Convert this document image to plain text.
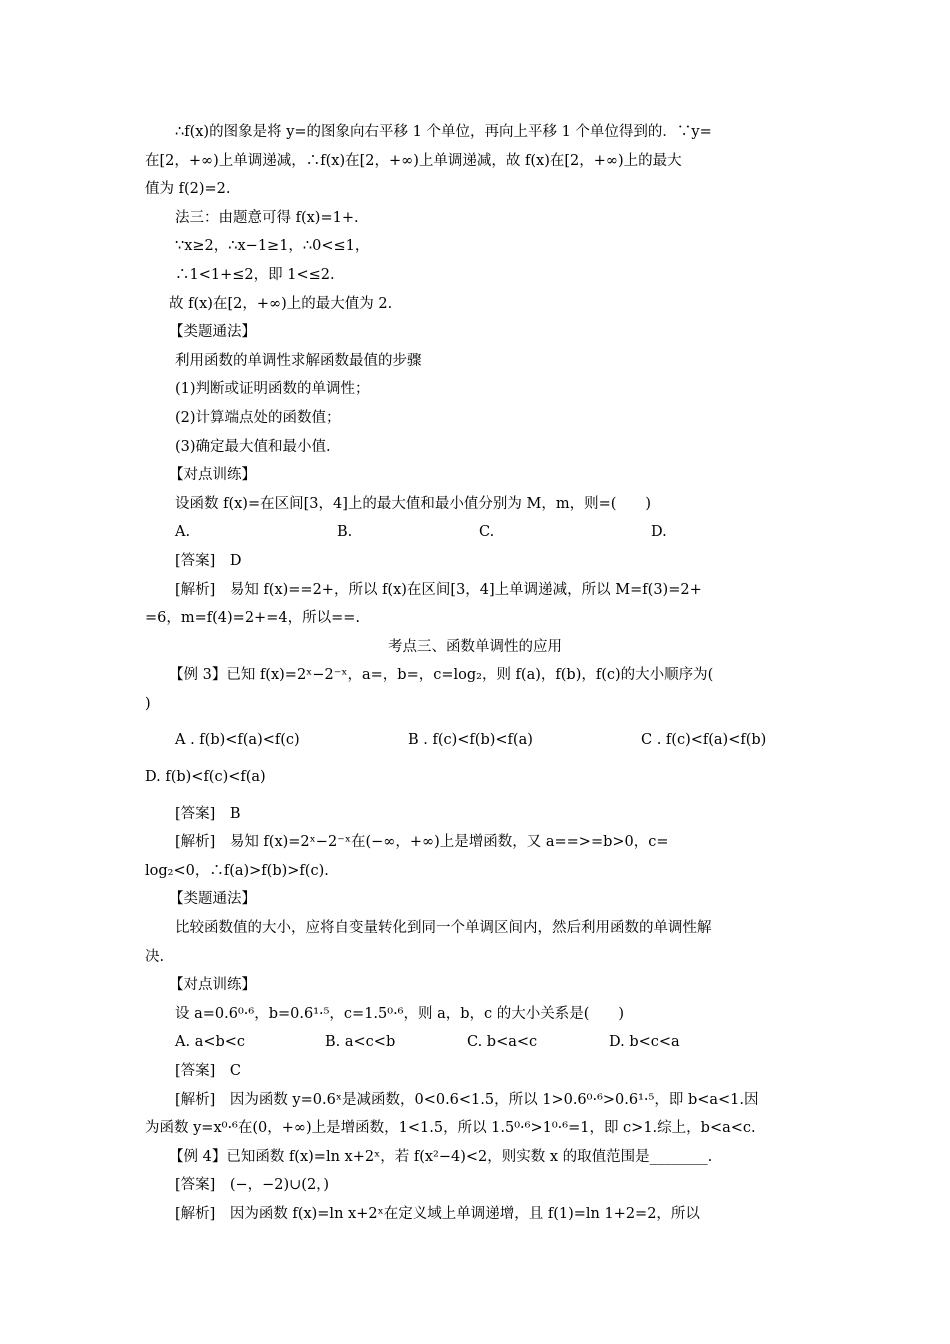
∴f(x)的图象是将 y=的图象向右平移 1 个单位，再向上平移 1 个单位得到的．∵y=
在[2，+∞)上单调递减，∴f(x)在[2，+∞)上单调递减，故 f(x)在[2，+∞)上的最大
值为 f(2)=2.
法三：由题意可得 f(x)=1+.
∵x≥2，∴x−1≥1，∴0<≤1，
∴1<1+≤2，即 1<≤2.
故 f(x)在[2，+∞)上的最大值为 2.
【类题通法】
利用函数的单调性求解函数最值的步骤
(1)判断或证明函数的单调性；
(2)计算端点处的函数值；
(3)确定最大值和最小值.
【对点训练】
设函数 f(x)=在区间[3，4]上的最大值和最小值分别为 M，m，则=(　　)
A.	B.	C.	D.
[答案]　D
[解析]　易知 f(x)==2+，所以 f(x)在区间[3，4]上单调递减，所以 M=f(3)=2+
=6，m=f(4)=2+=4，所以==.
考点三、函数单调性的应用
【例 3】已知 f(x)=2ˣ−2⁻ˣ，a=，b=，c=log₂，则 f(a)，f(b)，f(c)的大小顺序为(
)
A . f(b)<f(a)<f(c)	B . f(c)<f(b)<f(a)	C . f(c)<f(a)<f(b)
D. f(b)<f(c)<f(a)
[答案]　B
[解析]　易知 f(x)=2ˣ−2⁻ˣ在(−∞，+∞)上是增函数，又 a==>=b>0，c=
log₂<0，∴f(a)>f(b)>f(c).
【类题通法】
比较函数值的大小，应将自变量转化到同一个单调区间内，然后利用函数的单调性解
决.
【对点训练】
设 a=0.6⁰·⁶，b=0.6¹·⁵，c=1.5⁰·⁶，则 a，b，c 的大小关系是(　　)
A. a<b<c	B. a<c<b	C. b<a<c	D. b<c<a
[答案]　C
[解析]　因为函数 y=0.6ˣ是减函数，0<0.6<1.5，所以 1>0.6⁰·⁶>0.6¹·⁵，即 b<a<1.因
为函数 y=x⁰·⁶在(0，+∞)上是增函数，1<1.5，所以 1.5⁰·⁶>1⁰·⁶=1，即 c>1.综上，b<a<c.
【例 4】已知函数 f(x)=ln x+2ˣ，若 f(x²−4)<2，则实数 x 的取值范围是________.
[答案]　(−，−2)∪(2，)
[解析]　因为函数 f(x)=ln x+2ˣ在定义域上单调递增，且 f(1)=ln 1+2=2，所以
